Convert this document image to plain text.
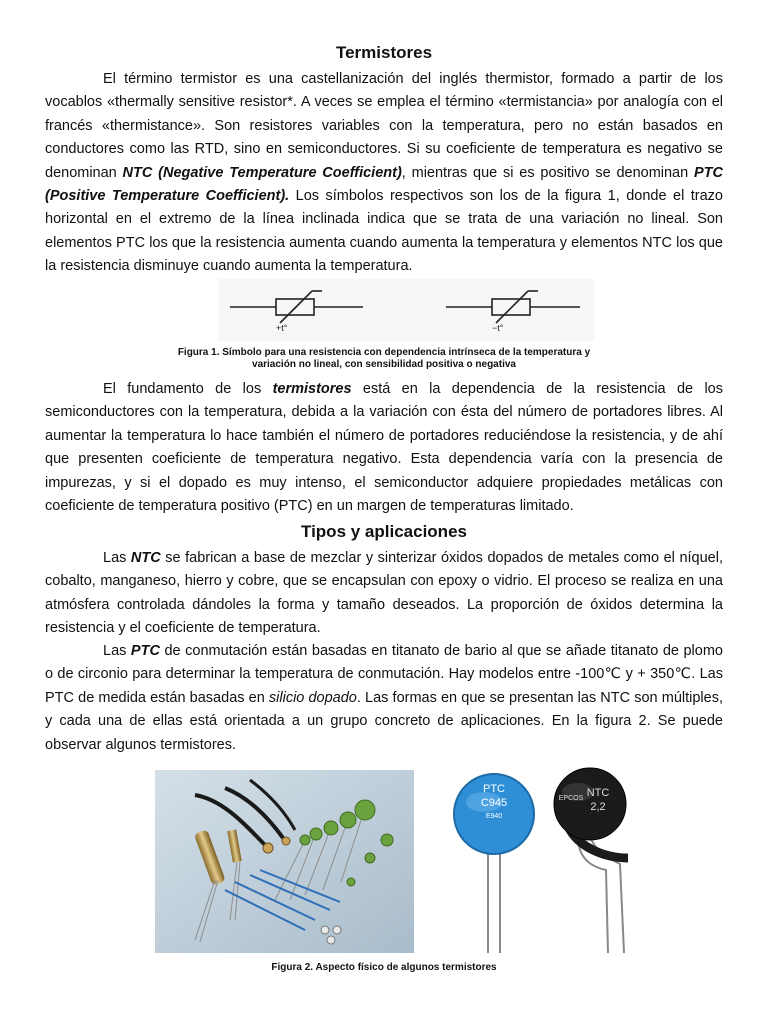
Termistores
El término termistor es una castellanización del inglés thermistor, formado a partir de los vocablos «thermally sensitive resistor*. A veces se emplea el término «termistancia» por analogía con el francés «thermistance». Son resistores variables con la temperatura, pero no están basados en conductores como las RTD, sino en semiconductores. Si su coeficiente de temperatura es negativo se denominan NTC (Negative Temperature Coefficient), mientras que si es positivo se denominan PTC (Positive Temperature Coefficient). Los símbolos respectivos son los de la figura 1, donde el trazo horizontal en el extremo de la línea inclinada indica que se trata de una variación no lineal. Son elementos PTC los que la resistencia aumenta cuando aumenta la temperatura y elementos NTC los que la resistencia disminuye cuando aumenta la temperatura.
+t°	−t°
Figura 1. Símbolo para una resistencia con dependencia intrínseca de la temperatura y
variación no lineal, con sensibilidad positiva o negativa
El fundamento de los termistores está en la dependencia de la resistencia de los semiconductores con la temperatura, debida a la variación con ésta del número de portadores libres. Al aumentar la temperatura lo hace también el número de portadores reduciéndose la resistencia, y de ahí que presenten coeficiente de temperatura negativo. Esta dependencia varía con la presencia de impurezas, y si el dopado es muy intenso, el semiconductor adquiere propiedades metálicas con coeficiente de temperatura positivo (PTC) en un margen de temperaturas limitado.
Tipos y aplicaciones
Las NTC se fabrican a base de mezclar y sinterizar óxidos dopados de metales como el níquel, cobalto, manganeso, hierro y cobre, que se encapsulan con epoxy o vidrio. El proceso se realiza en una atmósfera controlada dándoles la forma y tamaño deseados. La proporción de óxidos determina la resistencia y el coeficiente de temperatura.
Las PTC de conmutación están basadas en titanato de bario al que se añade titanato de plomo o de circonio para determinar la temperatura de conmutación. Hay modelos entre -100℃ y + 350℃. Las PTC de medida están basadas en silicio dopado. Las formas en que se presentan las NTC son múltiples, y cada una de ellas está orientada a un grupo concreto de aplicaciones. En la figura 2. Se puede observar algunos termistores.
PTC
C945
E940
EPCOS NTC
2,2
Figura 2. Aspecto físico de algunos termistores
